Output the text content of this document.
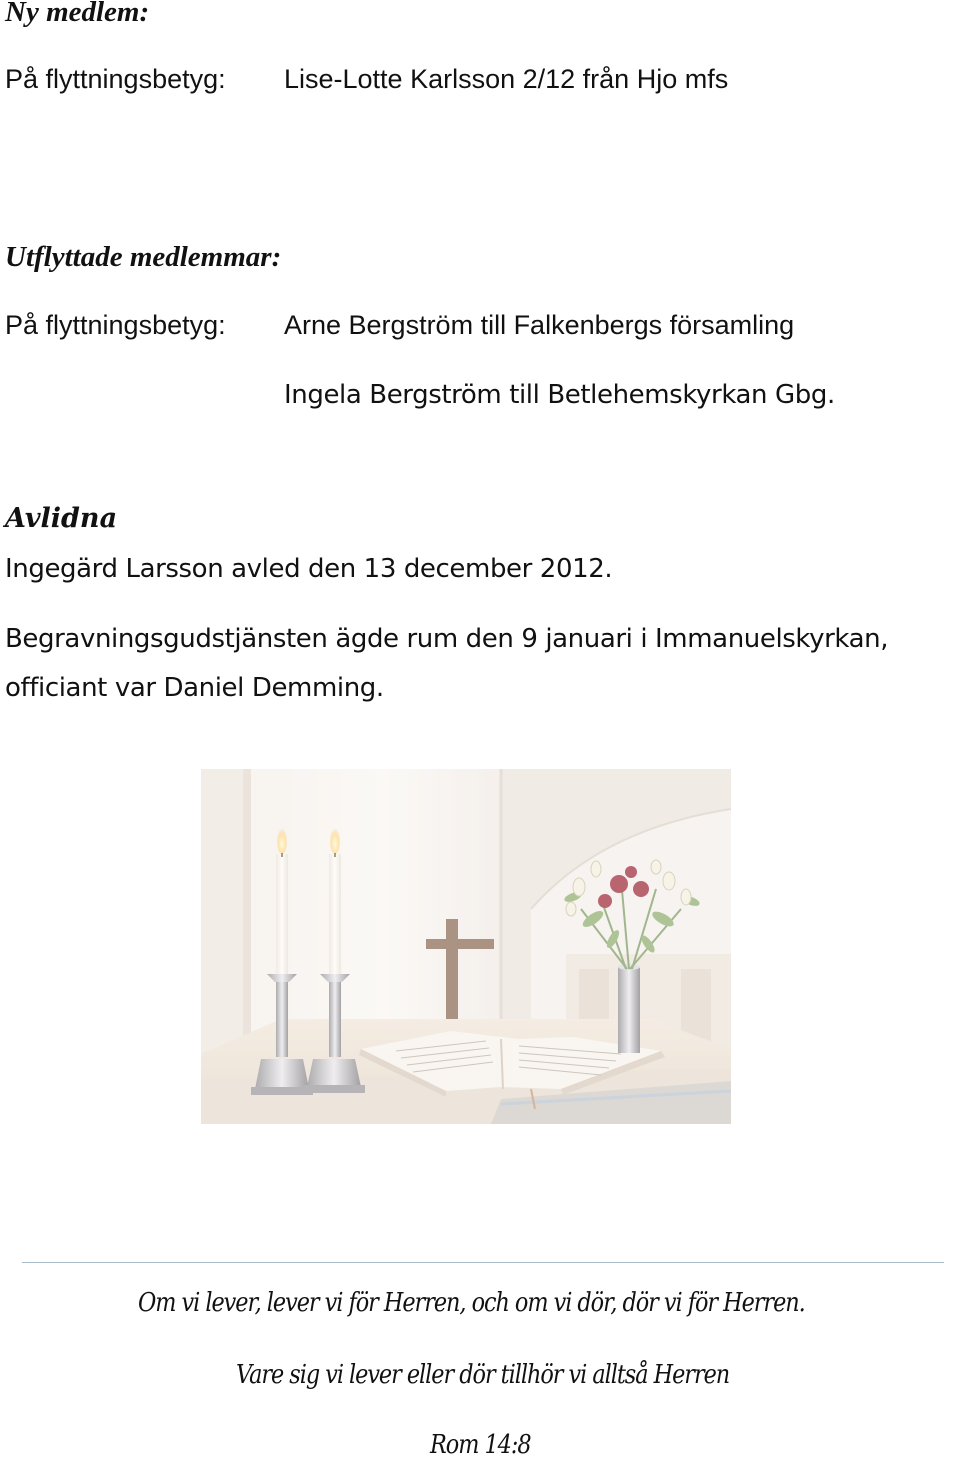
Ny medlem:
På flyttningsbetyg: Lise-Lotte Karlsson 2/12 från Hjo mfs
Utflyttade medlemmar:
På flyttningsbetyg: Arne Bergström till Falkenbergs församling
Ingela Bergström till Betlehemskyrkan Gbg.
Avlidna
Ingegärd Larsson avled den 13 december 2012.
Begravningsgudstjänsten ägde rum den 9 januari i Immanuelskyrkan,
officiant var Daniel Demming.
Om vi lever, lever vi för Herren, och om vi dör, dör vi för Herren.
Vare sig vi lever eller dör tillhör vi alltså Herren
Rom 14:8
